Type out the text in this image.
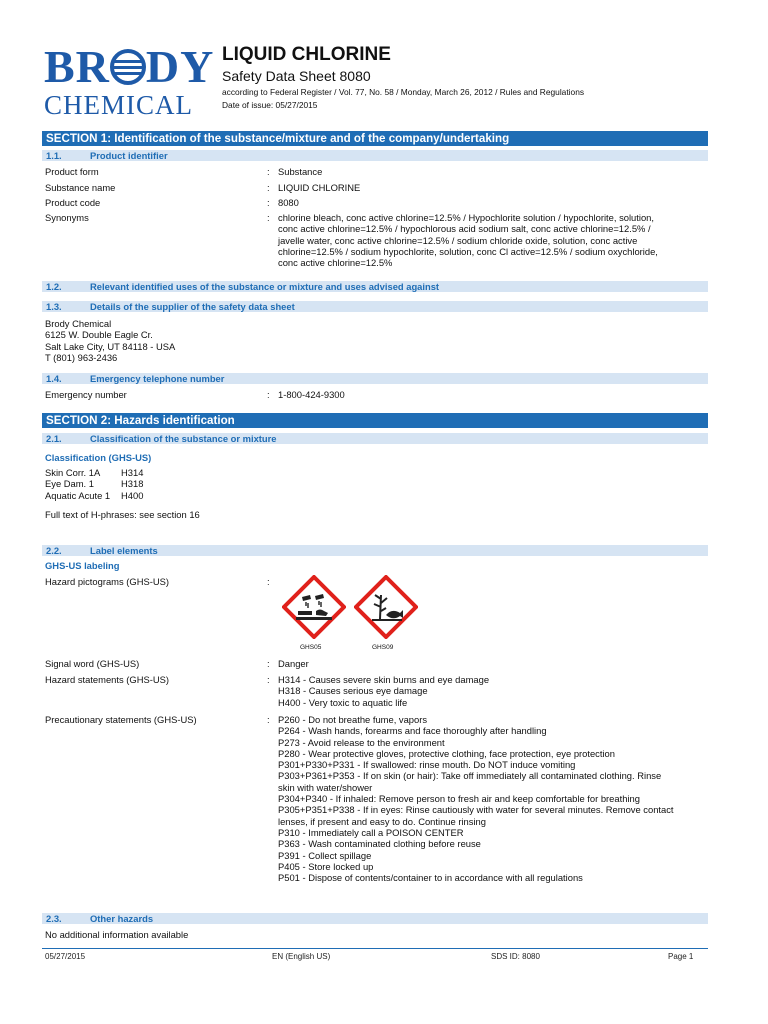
BR DY
CHEMICAL
LIQUID CHLORINE
Safety Data Sheet 8080
according to Federal Register / Vol. 77, No. 58 / Monday, March 26, 2012 / Rules and Regulations
Date of issue: 05/27/2015
SECTION 1: Identification of the substance/mixture and of the company/undertaking
1.1.	Product identifier
Product form	: Substance
Substance name	: LIQUID CHLORINE
Product code	: 8080
Synonyms	: chlorine bleach, conc active chlorine=12.5% / Hypochlorite solution / hypochlorite, solution,
conc active chlorine=12.5% / hypochlorous acid sodium salt, conc active chlorine=12.5% /
javelle water, conc active chlorine=12.5% / sodium chloride oxide, solution, conc active
chlorine=12.5% / sodium hypochlorite, solution, conc Cl active=12.5% / sodium oxychloride,
conc active chlorine=12.5%
1.2.	Relevant identified uses of the substance or mixture and uses advised against
1.3.	Details of the supplier of the safety data sheet
Brody Chemical
6125 W. Double Eagle Cr.
Salt Lake City, UT 84118 - USA
T (801) 963-2436
1.4.	Emergency telephone number
Emergency number	: 1-800-424-9300
SECTION 2: Hazards identification
2.1.	Classification of the substance or mixture
Classification (GHS-US)
Skin Corr. 1A H314
Eye Dam. 1	H318
Aquatic Acute 1 H400
Full text of H-phrases: see section 16
2.2.	Label elements
GHS-US labeling
Hazard pictograms (GHS-US)	:
GHS05	GHS09
Signal word (GHS-US)	: Danger
Hazard statements (GHS-US)	: H314 - Causes severe skin burns and eye damage
H318 - Causes serious eye damage
H400 - Very toxic to aquatic life
Precautionary statements (GHS-US)	: P260 - Do not breathe fume, vapors
P264 - Wash hands, forearms and face thoroughly after handling
P273 - Avoid release to the environment
P280 - Wear protective gloves, protective clothing, face protection, eye protection
P301+P330+P331 - If swallowed: rinse mouth. Do NOT induce vomiting
P303+P361+P353 - If on skin (or hair): Take off immediately all contaminated clothing. Rinse
skin with water/shower
P304+P340 - If inhaled: Remove person to fresh air and keep comfortable for breathing
P305+P351+P338 - If in eyes: Rinse cautiously with water for several minutes. Remove contact
lenses, if present and easy to do. Continue rinsing
P310 - Immediately call a POISON CENTER
P363 - Wash contaminated clothing before reuse
P391 - Collect spillage
P405 - Store locked up
P501 - Dispose of contents/container to in accordance with all regulations
2.3.	Other hazards
No additional information available
05/27/2015	EN (English US)	SDS ID: 8080	Page 1
